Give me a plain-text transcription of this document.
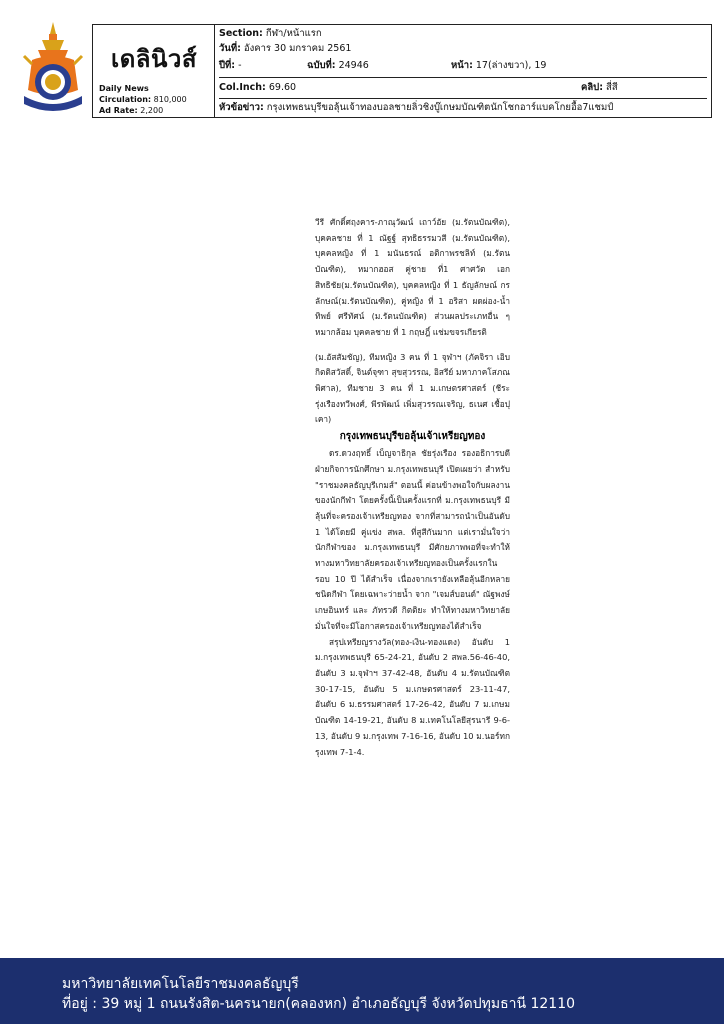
เดลินิวส์
Daily News
Circulation: 810,000
Ad Rate: 2,200
Section: กีฬา/หน้าแรก
วันที่: อังคาร 30 มกราคม 2561
ปีที่: -	ฉบับที่: 24946	หน้า: 17(ล่างขวา), 19
Col.Inch: 69.60	คลิป: สี่สี
หัวข้อข่าว: กรุงเทพธนบุรีขอลุ้นเจ้าทองบอลชายลิ่วชิงบู๊เกษมบัณฑิตนักโชกอาร์แบคโกยอื้อ7แชมป์

วีรี ศักดิ์ศฤงคาร-ภาณุวัฒน์ เถาว์อัย (ม.รัตนบัณฑิต), บุคคลชาย ที่ 1 ณัฐฐ์ สุทธิธรรมวสี (ม.รัตนบัณฑิต), บุคคลหญิง ที่ 1 มนันธรณ์ อติกาพรชลิท์ (ม.รัตนบัณฑิต), หมากฮอส คู่ชาย ที่1 ศาศวัต เอกสิทธิชัย(ม.รัตนบัณฑิต), บุคคลหญิง ที่ 1 ธัญลักษณ์ กรลักษณ์(ม.รัตนบัณฑิต), คู่หญิง ที่ 1 อริสา ผดผ่อง-น้ำทิพย์ ศรีทัศน์ (ม.รัตนบัณฑิต) ส่วนผลประเภทอื่น ๆ หมากล้อม บุคคลชาย ที่ 1 กฤษฎิ์ แช่มขจรเกียรติ

(ม.อัสสัมชัญ), ทีมหญิง 3 คน ที่ 1 จุฬาฯ (ภัคจิรา เอิบกิตติสวัสดิ์, จินต์จุฑา สุขสุวรรณ, อิสรีย์ มหาภาคโสภณพิศาล), ทีมชาย 3 คน ที่ 1 ม.เกษตรศาสตร์ (ชีระ รุ่งเรืองทวีพงศ์, พีรพัฒน์ เพิ่มสุวรรณเจริญ, ธเนศ เชื้อปุเคา)

กรุงเทพธนบุรีขอลุ้นเจ้าเหรียญทอง

ดร.ดวงฤทธิ์ เบ็ญจาธิกุล ชัยรุ่งเรือง รองอธิการบดีฝ่ายกิจการนักศึกษา ม.กรุงเทพธนบุรี เปิดเผยว่า สำหรับ "ราชมงคลธัญบุรีเกมส์" ตอนนี้ ค่อนข้างพอใจกับผลงานของนักกีฬา โดยครั้งนี้เป็นครั้งแรกที่ ม.กรุงเทพธนบุรี มีลุ้นที่จะครองเจ้าเหรียญทอง จากที่สามารถนำเป็นอันดับ 1 ได้โดยมี คู่แข่ง สพล. ที่สูสีกันมาก แต่เรามั่นใจว่านักกีฬาของ ม.กรุงเทพธนบุรี มีศักยภาพพอที่จะทำให้ทางมหาวิทยาลัยครองเจ้าเหรียญทองเป็นครั้งแรกในรอบ 10 ปี ได้สำเร็จ เนื่องจากเรายังเหลือลุ้นอีกหลายชนิดกีฬา โดยเฉพาะว่ายน้ำ จาก "เจมส์บอนด์" ณัฐพงษ์ เกษอินทร์ และ ภัทรวดี กิตติยะ ทำให้ทางมหาวิทยาลัยมั่นใจที่จะมีโอกาสครองเจ้าเหรียญทองได้สำเร็จ

สรุปเหรียญรางวัล(ทอง-เงิน-ทองแดง) อันดับ 1 ม.กรุงเทพธนบุรี 65-24-21, อันดับ 2 สพล.56-46-40, อันดับ 3 ม.จุฬาฯ 37-42-48, อันดับ 4 ม.รัตนบัณฑิต 30-17-15, อันดับ 5 ม.เกษตรศาสตร์ 23-11-47, อันดับ 6 ม.ธรรมศาสตร์ 17-26-42, อันดับ 7 ม.เกษมบัณฑิต 14-19-21, อันดับ 8 ม.เทคโนโลยีสุรนารี 9-6-13, อันดับ 9 ม.กรุงเทพ 7-16-16, อันดับ 10 ม.นอร์ทกรุงเทพ 7-1-4.

มหาวิทยาลัยเทคโนโลยีราชมงคลธัญบุรี
ที่อยู่ : 39 หมู่ 1 ถนนรังสิต-นครนายก(คลองหก) อำเภอธัญบุรี จังหวัดปทุมธานี 12110
